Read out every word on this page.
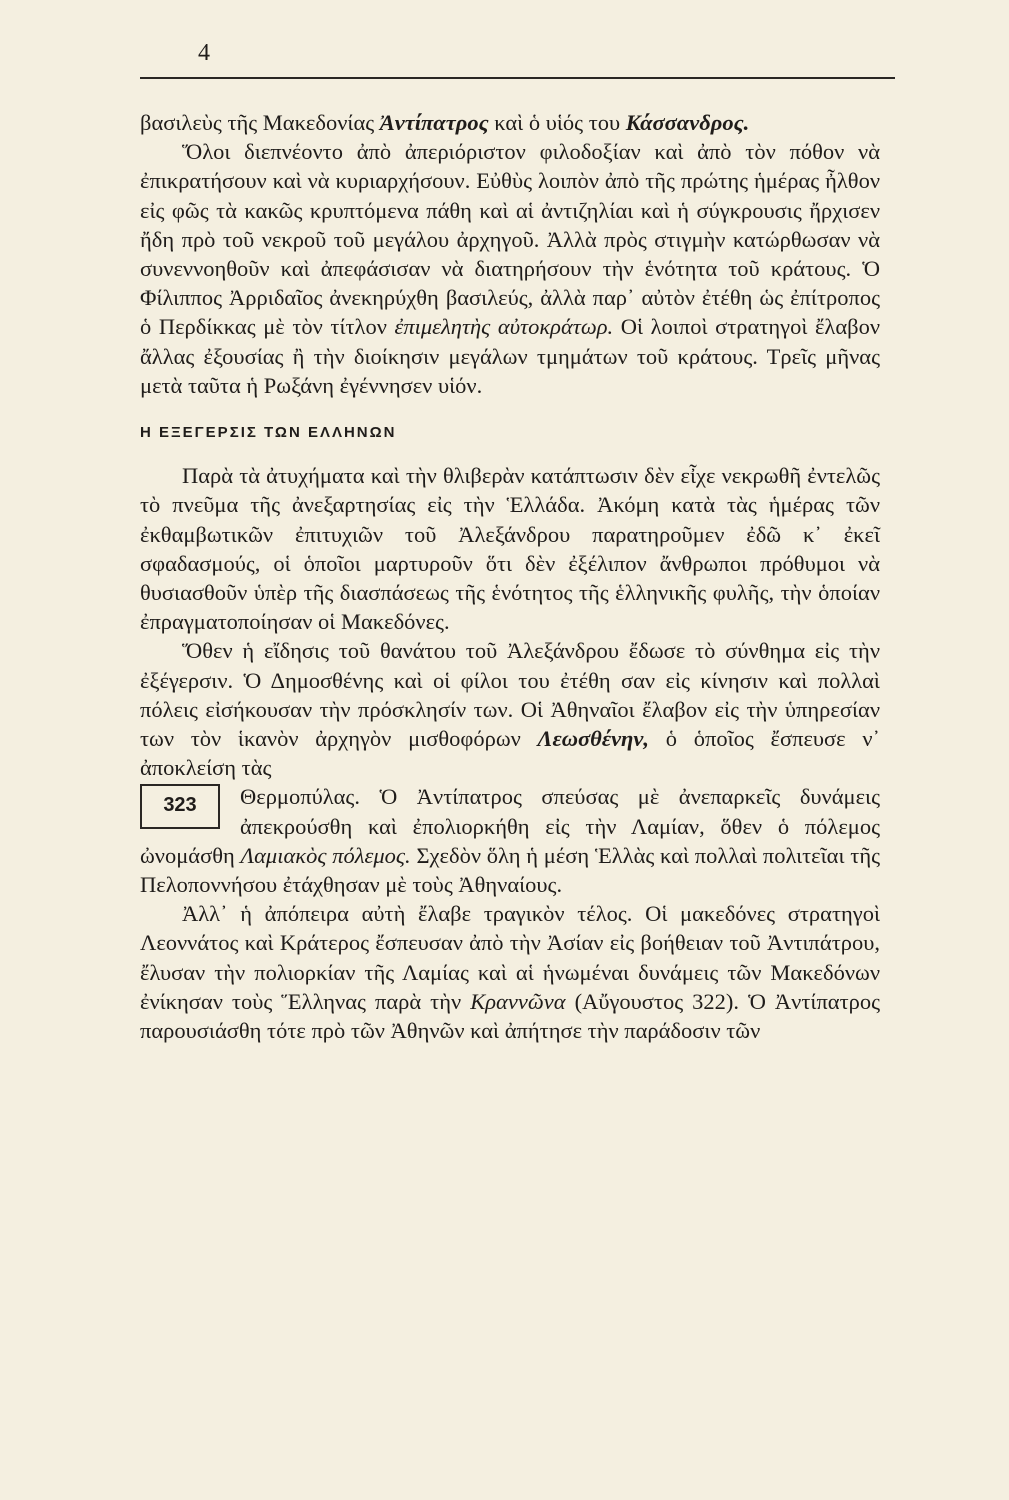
4

βασιλεὺς τῆς Μακεδονίας Ἀντίπατρος καὶ ὁ υἱός του Κάσσανδρος.

Ὅλοι διεπνέοντο ἀπὸ ἀπεριόριστον φιλοδοξίαν καὶ ἀπὸ τὸν πόθον νὰ ἐπικρατήσουν καὶ νὰ κυριαρχήσουν. Εὐθὺς λοιπὸν ἀπὸ τῆς πρώτης ἡμέρας ἦλθον εἰς φῶς τὰ κακῶς κρυπτόμενα πάθη καὶ αἱ ἀντιζηλίαι καὶ ἡ σύγκρουσις ἤρχισεν ἤδη πρὸ τοῦ νεκροῦ τοῦ μεγάλου ἀρχηγοῦ. Ἀλλὰ πρὸς στιγμὴν κατώρθωσαν νὰ συνεννοηθοῦν καὶ ἀπεφάσισαν νὰ διατηρήσουν τὴν ἑνότητα τοῦ κράτους. Ὁ Φίλιππος Ἀρριδαῖος ἀνεκηρύχθη βασιλεύς, ἀλλὰ παρ᾽ αὐτὸν ἐτέθη ὡς ἐπίτροπος ὁ Περδίκκας μὲ τὸν τίτλον ἐπιμελητὴς αὐτοκράτωρ. Οἱ λοιποὶ στρατηγοὶ ἔλαβον ἄλλας ἐξουσίας ἢ τὴν διοίκησιν μεγάλων τμημάτων τοῦ κράτους. Τρεῖς μῆνας μετὰ ταῦτα ἡ Ρωξάνη ἐγέννησεν υἱόν.

Η ΕΞΕΓΕΡΣΙΣ ΤΩΝ ΕΛΛΗΝΩΝ

Παρὰ τὰ ἀτυχήματα καὶ τὴν θλιβερὰν κατάπτωσιν δὲν εἶχε νεκρωθῆ ἐντελῶς τὸ πνεῦμα τῆς ἀνεξαρτησίας εἰς τὴν Ἑλλάδα. Ἀκόμη κατὰ τὰς ἡμέρας τῶν ἐκθαμβωτικῶν ἐπιτυχιῶν τοῦ Ἀλεξάνδρου παρατηροῦμεν ἐδῶ κ᾽ ἐκεῖ σφαδασμούς, οἱ ὁποῖοι μαρτυροῦν ὅτι δὲν ἐξέλιπον ἄνθρωποι πρόθυμοι νὰ θυσιασθοῦν ὑπὲρ τῆς διασπάσεως τῆς ἑνότητος τῆς ἑλληνικῆς φυλῆς, τὴν ὁποίαν ἐπραγματοποίησαν οἱ Μακεδόνες.

Ὅθεν ἡ εἴδησις τοῦ θανάτου τοῦ Ἀλεξάνδρου ἔδωσε τὸ σύνθημα εἰς τὴν ἐξέγερσιν. Ὁ Δημοσθένης καὶ οἱ φίλοι του ἐτέθη σαν εἰς κίνησιν καὶ πολλαὶ πόλεις εἰσήκουσαν τὴν πρόσκλησίν των. Οἱ Ἀθηναῖοι ἔλαβον εἰς τὴν ὑπηρεσίαν των τὸν ἱκανὸν ἀρχηγὸν μισθοφόρων Λεωσθένην, ὁ ὁποῖος ἔσπευσε ν᾽ ἀποκλείση τὰς

323	Θερμοπύλας. Ὁ Ἀντίπατρος σπεύσας μὲ ἀνεπαρκεῖς δυνάμεις ἀπεκρούσθη καὶ ἐπολιορκήθη εἰς τὴν Λαμίαν, ὅθεν ὁ πόλεμος ὠνομάσθη Λαμιακὸς πόλεμος. Σχεδὸν ὅλη ἡ μέση Ἑλλὰς καὶ πολλαὶ πολιτεῖαι τῆς Πελοποννήσου ἐτάχθησαν μὲ τοὺς Ἀθηναίους.

Ἀλλ᾽ ἡ ἀπόπειρα αὐτὴ ἔλαβε τραγικὸν τέλος. Οἱ μακεδόνες στρατηγοὶ Λεοννάτος καὶ Κράτερος ἔσπευσαν ἀπὸ τὴν Ἀσίαν εἰς βοήθειαν τοῦ Ἀντιπάτρου, ἔλυσαν τὴν πολιορκίαν τῆς Λαμίας καὶ αἱ ἡνωμέναι δυνάμεις τῶν Μακεδόνων ἐνίκησαν τοὺς Ἕλληνας παρὰ τὴν Κραννῶνα (Αὔγουστος 322). Ὁ Ἀντίπατρος παρουσιάσθη τότε πρὸ τῶν Ἀθηνῶν καὶ ἀπήτησε τὴν παράδοσιν τῶν
